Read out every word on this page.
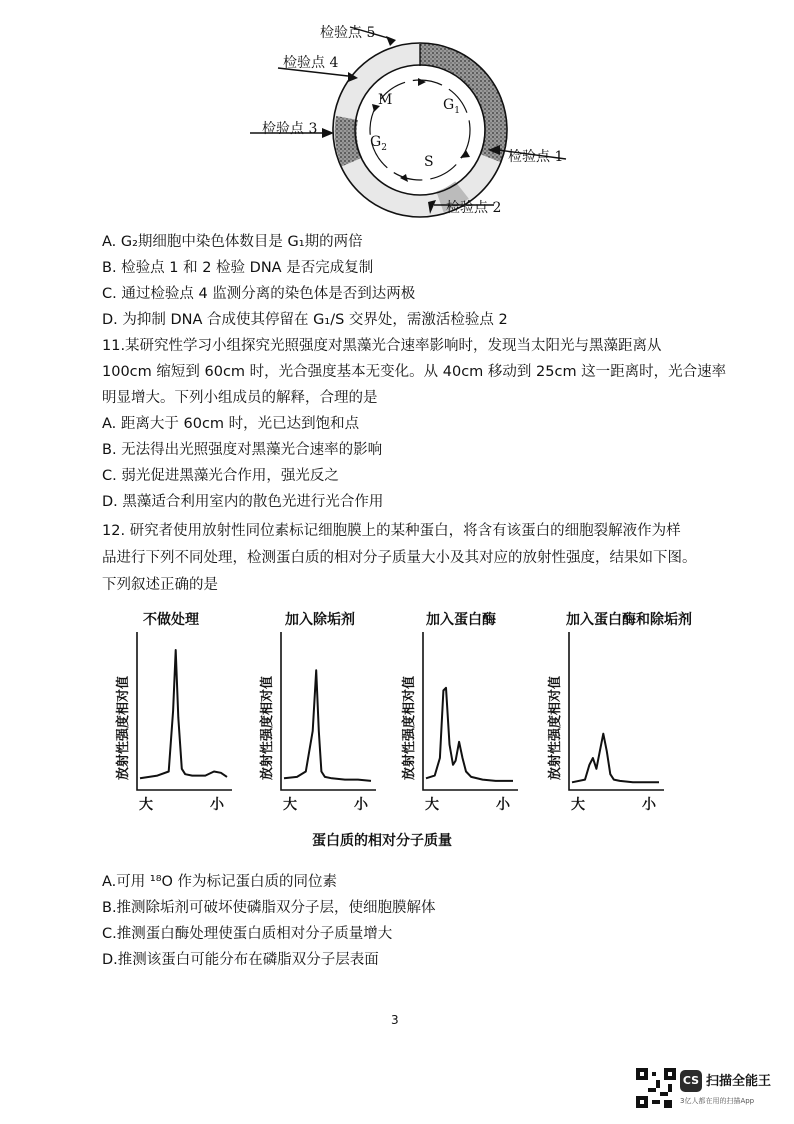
检验点 5
检验点 4
检验点 3
检验点 1
检验点 2
M	$G_1$
$G_2$
S
A. G₂期细胞中染色体数目是 G₁期的两倍
B. 检验点 1 和 2 检验 DNA 是否完成复制
C. 通过检验点 4 监测分离的染色体是否到达两极
D. 为抑制 DNA 合成使其停留在 G₁/S 交界处，需激活检验点 2
11.某研究性学习小组探究光照强度对黑藻光合速率影响时，发现当太阳光与黑藻距离从
100cm 缩短到 60cm 时，光合强度基本无变化。从 40cm 移动到 25cm 这一距离时，光合速率
明显增大。下列小组成员的解释，合理的是
A. 距离大于 60cm 时，光已达到饱和点
B. 无法得出光照强度对黑藻光合速率的影响
C. 弱光促进黑藻光合作用，强光反之
D. 黑藻适合利用室内的散色光进行光合作用
12. 研究者使用放射性同位素标记细胞膜上的某种蛋白，将含有该蛋白的细胞裂解液作为样
品进行下列不同处理，检测蛋白质的相对分子质量大小及其对应的放射性强度，结果如下图。
下列叙述正确的是
不做处理
放射性强度相对值
大	小
加入除垢剂
放射性强度相对值
大	小
加入蛋白酶
放射性强度相对值
大	小
加入蛋白酶和除垢剂
放射性强度相对值
大	小
蛋白质的相对分子质量
A.可用 ¹⁸O 作为标记蛋白质的同位素
B.推测除垢剂可破坏使磷脂双分子层，使细胞膜解体
C.推测蛋白酶处理使蛋白质相对分子质量增大
D.推测该蛋白可能分布在磷脂双分子层表面
3
CS 扫描全能王
3亿人都在用的扫描App
